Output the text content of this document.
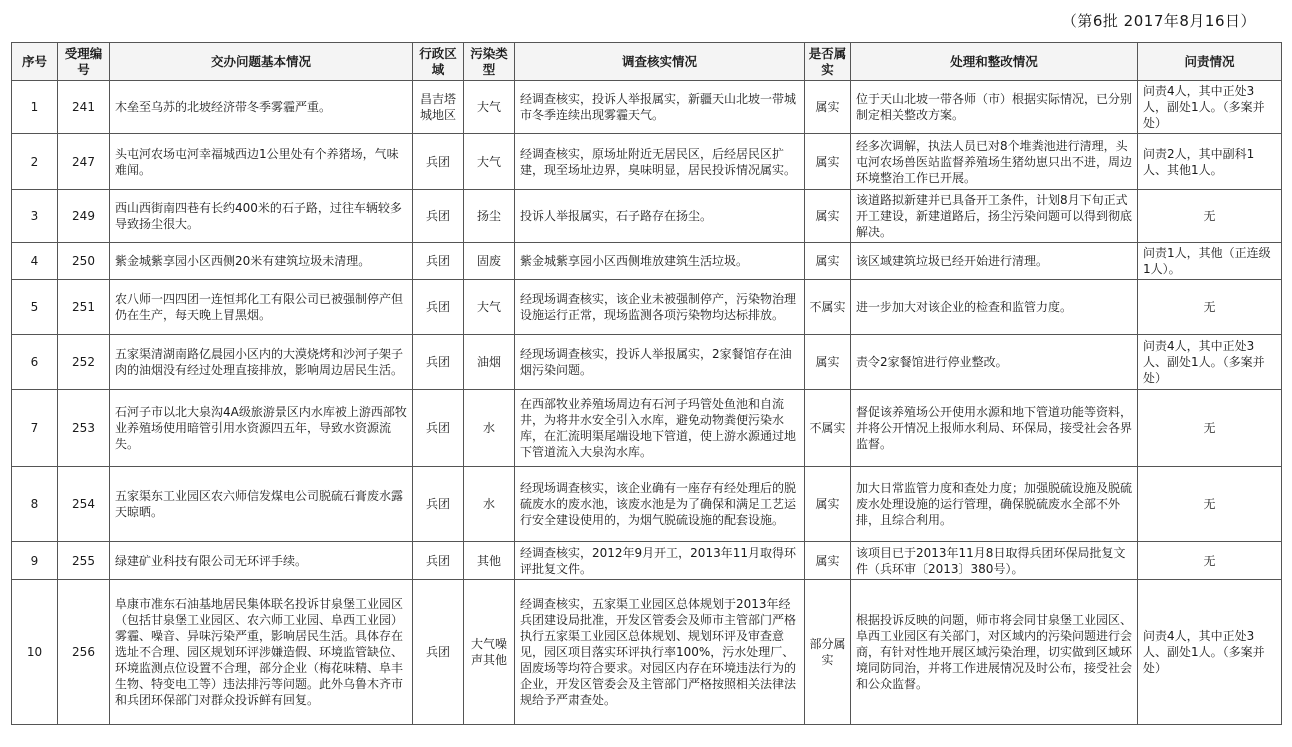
（第6批 2017年8月16日）
序号	受理编号	交办问题基本情况	行政区域	污染类型	调查核实情况	是否属实	处理和整改情况	问责情况
1	241	木垒至乌苏的北坡经济带冬季雾霾严重。	昌吉塔城地区	大气	经调查核实，投诉人举报属实，新疆天山北坡一带城市冬季连续出现雾霾天气。	属实	位于天山北坡一带各师（市）根据实际情况，已分别制定相关整改方案。	问责4人，其中正处3人，副处1人。（多案并处）
2	247	头屯河农场屯河幸福城西边1公里处有个养猪场，气味难闻。	兵团	大气	经调查核实，原场址附近无居民区，后经居民区扩建，现至场址边界，臭味明显，居民投诉情况属实。	属实	经多次调解，执法人员已对8个堆粪池进行清理，头屯河农场兽医站监督养殖场生猪幼崽只出不进，周边环境整治工作已开展。	问责2人，其中副科1人、其他1人。
3	249	西山西街南四巷有长约400米的石子路，过往车辆较多导致扬尘很大。	兵团	扬尘	投诉人举报属实，石子路存在扬尘。	属实	该道路拟新建并已具备开工条件，计划8月下旬正式开工建设，新建道路后，扬尘污染问题可以得到彻底解决。	无
4	250	紫金城紫享园小区西侧20米有建筑垃圾未清理。	兵团	固废	紫金城紫享园小区西侧堆放建筑生活垃圾。	属实	该区域建筑垃圾已经开始进行清理。	问责1人，其他（正连级1人）。
5	251	农八师一四四团一连恒邦化工有限公司已被强制停产但仍在生产，每天晚上冒黑烟。	兵团	大气	经现场调查核实，该企业未被强制停产，污染物治理设施运行正常，现场监测各项污染物均达标排放。	不属实	进一步加大对该企业的检查和监管力度。	无
6	252	五家渠清湖南路亿晨园小区内的大漠烧烤和沙河子架子肉的油烟没有经过处理直接排放，影响周边居民生活。	兵团	油烟	经现场调查核实，投诉人举报属实，2家餐馆存在油烟污染问题。	属实	责令2家餐馆进行停业整改。	问责4人，其中正处3人、副处1人。（多案并处）
7	253	石河子市以北大泉沟4A级旅游景区内水库被上游西部牧业养殖场使用暗管引用水资源四五年，导致水资源流失。	兵团	水	在西部牧业养殖场周边有石河子玛管处鱼池和自流井，为将井水安全引入水库，避免动物粪便污染水库，在汇流明渠尾端设地下管道，使上游水源通过地下管道流入大泉沟水库。	不属实	督促该养殖场公开使用水源和地下管道功能等资料，并将公开情况上报师水利局、环保局，接受社会各界监督。	无
8	254	五家渠东工业园区农六师信发煤电公司脱硫石膏废水露天晾晒。	兵团	水	经现场调查核实，该企业确有一座存有经处理后的脱硫废水的废水池，该废水池是为了确保和满足工艺运行安全建设使用的，为烟气脱硫设施的配套设施。	属实	加大日常监管力度和查处力度；加强脱硫设施及脱硫废水处理设施的运行管理，确保脱硫废水全部不外排，且综合利用。	无
9	255	绿建矿业科技有限公司无环评手续。	兵团	其他	经调查核实，2012年9月开工，2013年11月取得环评批复文件。	属实	该项目已于2013年11月8日取得兵团环保局批复文件（兵环审〔2013〕380号）。	无
10	256	阜康市准东石油基地居民集体联名投诉甘泉堡工业园区（包括甘泉堡工业园区、农六师工业园、阜西工业园）雾霾、噪音、异味污染严重，影响居民生活。具体存在选址不合理、园区规划环评涉嫌造假、环境监管缺位、环境监测点位设置不合理，部分企业（梅花味精、阜丰生物、特变电工等）违法排污等问题。此外乌鲁木齐市和兵团环保部门对群众投诉鲜有回复。	兵团	大气噪声其他	经调查核实，五家渠工业园区总体规划于2013年经兵团建设局批准，开发区管委会及师市主管部门严格执行五家渠工业园区总体规划、规划环评及审查意见，园区项目落实环评执行率100%，污水处理厂、固废场等均符合要求。对园区内存在环境违法行为的企业，开发区管委会及主管部门严格按照相关法律法规给予严肃查处。	部分属实	根据投诉反映的问题，师市将会同甘泉堡工业园区、阜西工业园区有关部门，对区域内的污染问题进行会商，有针对性地开展区域污染治理，切实做到区域环境同防同治，并将工作进展情况及时公布，接受社会和公众监督。	问责4人，其中正处3人、副处1人。（多案并处）
